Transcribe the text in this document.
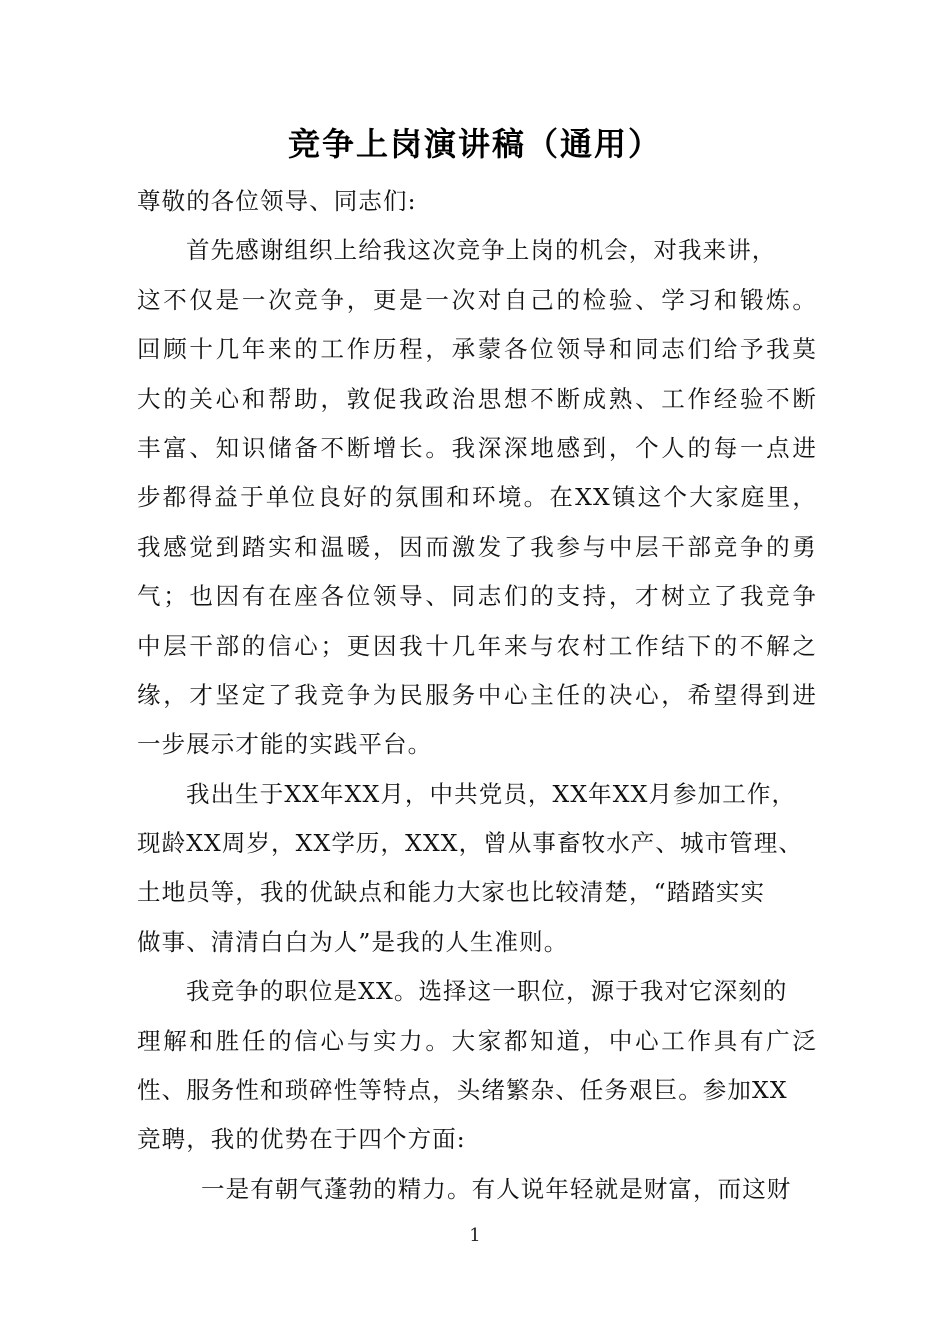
竞争上岗演讲稿（通用）
尊敬的各位领导、同志们:
首先感谢组织上给我这次竞争上岗的机会，对我来讲，
这不仅是一次竞争，更是一次对自己的检验、学习和锻炼。
回顾十几年来的工作历程，承蒙各位领导和同志们给予我莫
大的关心和帮助，敦促我政治思想不断成熟、工作经验不断
丰富、知识储备不断增长。我深深地感到，个人的每一点进
步都得益于单位良好的氛围和环境。在XX镇这个大家庭里，
我感觉到踏实和温暖，因而激发了我参与中层干部竞争的勇
气；也因有在座各位领导、同志们的支持，才树立了我竞争
中层干部的信心；更因我十几年来与农村工作结下的不解之
缘，才坚定了我竞争为民服务中心主任的决心，希望得到进
一步展示才能的实践平台。
我出生于XX年XX月，中共党员，XX年XX月参加工作，
现龄XX周岁，XX学历，XXX，曾从事畜牧水产、城市管理、
土地员等，我的优缺点和能力大家也比较清楚，“踏踏实实
做事、清清白白为人”是我的人生准则。
我竞争的职位是XX。选择这一职位，源于我对它深刻的
理解和胜任的信心与实力。大家都知道，中心工作具有广泛
性、服务性和琐碎性等特点，头绪繁杂、任务艰巨。参加XX
竞聘，我的优势在于四个方面:
一是有朝气蓬勃的精力。有人说年轻就是财富，而这财
1
